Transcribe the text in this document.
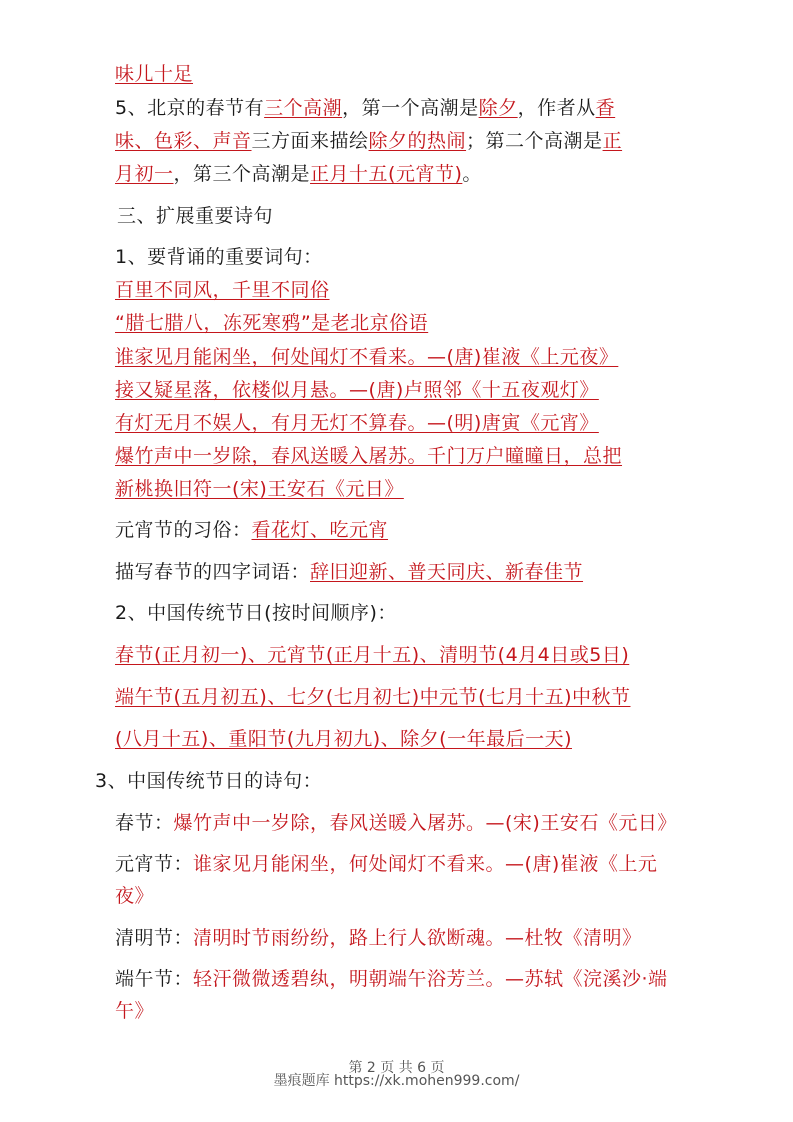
味儿十足
5、北京的春节有三个高潮，第一个高潮是除夕，作者从香
味、色彩、声音三方面来描绘除夕的热闹；第二个高潮是正
月初一，第三个高潮是正月十五(元宵节)。
三、扩展重要诗句
1、要背诵的重要词句：
百里不同风，千里不同俗
“腊七腊八，冻死寒鸦”是老北京俗语
谁家见月能闲坐，何处闻灯不看来。—(唐)崔液《上元夜》
接又疑星落，依楼似月悬。—(唐)卢照邻《十五夜观灯》
有灯无月不娱人，有月无灯不算春。—(明)唐寅《元宵》
爆竹声中一岁除，春风送暖入屠苏。千门万户曈曈日，总把
新桃换旧符一(宋)王安石《元日》
元宵节的习俗：看花灯、吃元宵
描写春节的四字词语：辞旧迎新、普天同庆、新春佳节
2、中国传统节日(按时间顺序)：
春节(正月初一)、元宵节(正月十五)、清明节(4月4日或5日)
端午节(五月初五)、七夕(七月初七)中元节(七月十五)中秋节
(八月十五)、重阳节(九月初九)、除夕(一年最后一天)
3、中国传统节日的诗句：
春节：爆竹声中一岁除，春风送暖入屠苏。—(宋)王安石《元日》
元宵节：谁家见月能闲坐，何处闻灯不看来。—(唐)崔液《上元
夜》
清明节：清明时节雨纷纷，路上行人欲断魂。—杜牧《清明》
端午节：轻汗微微透碧纨，明朝端午浴芳兰。—苏轼《浣溪沙·端
午》
第 2 页 共 6 页
墨痕题库 https://xk.mohen999.com/
